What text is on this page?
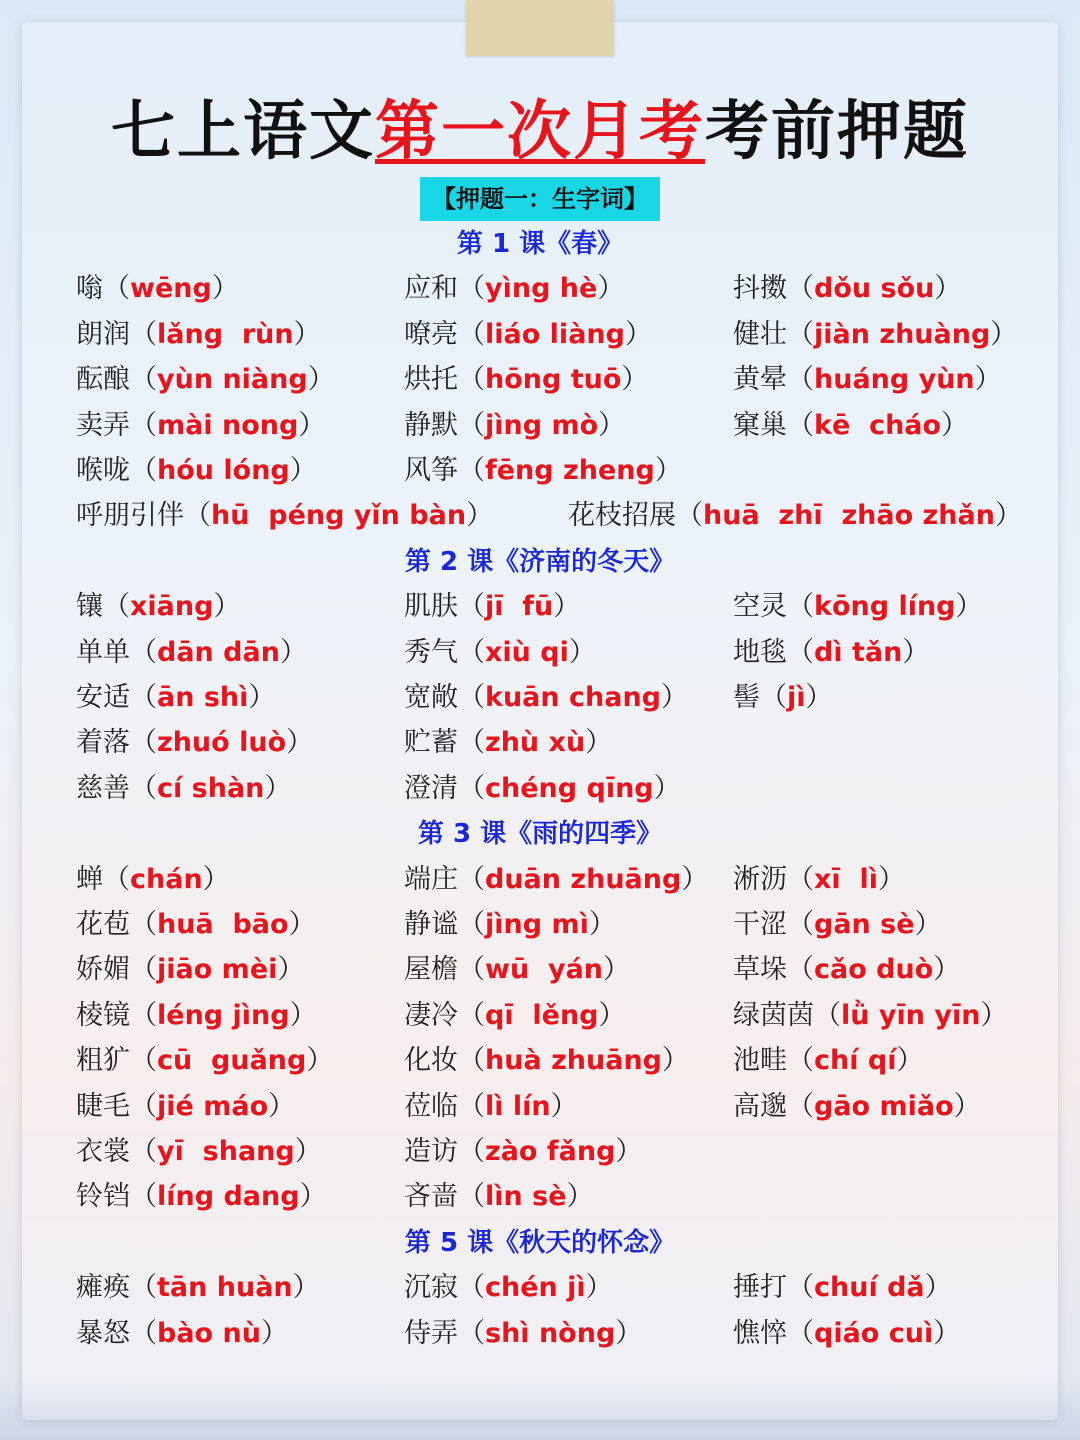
七上语文第一次月考考前押题
【押题一：生字词】
第 1 课《春》
嗡（wēng）	应和（yìng hè）	抖擞（dǒu sǒu）
朗润（lǎng  rùn）	嘹亮（liáo liàng）	健壮（jiàn zhuàng）
酝酿（yùn niàng）	烘托（hōng tuō）	黄晕（huáng yùn）
卖弄（mài nong）	静默（jìng mò）	窠巢（kē  cháo）
喉咙（hóu lóng）	风筝（fēng zheng）
呼朋引伴（hū  péng yǐn bàn）	花枝招展（huā  zhī  zhāo zhǎn）
第 2 课《济南的冬天》
镶（xiāng）	肌肤（jī  fū）	空灵（kōng líng）
单单（dān dān）	秀气（xiù qi）	地毯（dì tǎn）
安适（ān shì）	宽敞（kuān chang） 髻（jì）
着落（zhuó luò）	贮蓄（zhù xù）
慈善（cí shàn）	澄清（chéng qīng）
第 3 课《雨的四季》
蝉（chán）	端庄（duān zhuāng） 淅沥（xī  lì）
花苞（huā  bāo）	静谧（jìng mì）	干涩（gān sè）
娇媚（jiāo mèi）	屋檐（wū  yán）	草垛（cǎo duò）
棱镜（léng jìng）	凄冷（qī  lěng）	绿茵茵（lǜ yīn yīn）
粗犷（cū  guǎng）	化妆（huà zhuāng） 池畦（chí qí）
睫毛（jié máo）	莅临（lì lín）	高邈（gāo miǎo）
衣裳（yī  shang）	造访（zào fǎng）
铃铛（líng dang）	吝啬（lìn sè）
第 5 课《秋天的怀念》
瘫痪（tān huàn）	沉寂（chén jì）	捶打（chuí dǎ）
暴怒（bào nù）	侍弄（shì nòng）	憔悴（qiáo cuì）
